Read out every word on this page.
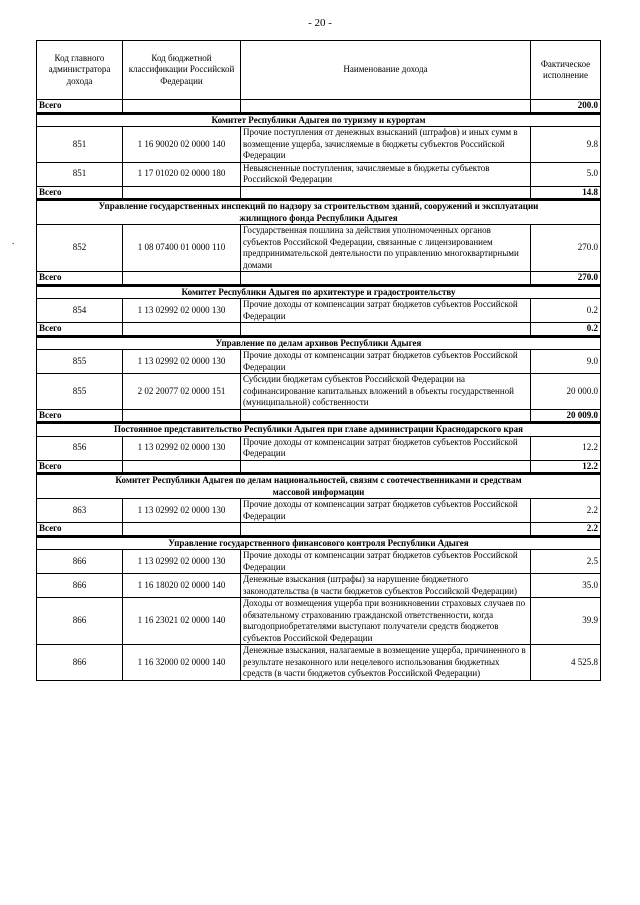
- 20 -
.
Код главного администратора дохода	Код бюджетной классификации Российской Федерации	Наименование дохода	Фактическое исполнение
Всего			200.0
Комитет Республики Адыгея по туризму и курортам			
851	1 16 90020 02 0000 140	Прочие поступления от денежных взысканий (штрафов) и иных сумм в возмещение ущерба, зачисляемые в бюджеты субъектов Российской Федерации	9.8
851	1 17 01020 02 0000 180	Невыясненные поступления, зачисляемые в бюджеты субъектов Российской Федерации	5.0
Всего			14.8
Управление государственных инспекций по надзору за строительством зданий, сооружений и эксплуатации жилищного фонда Республики Адыгея			
852	1 08 07400 01 0000 110	Государственная пошлина за действия уполномоченных органов субъектов Российской Федерации, связанные с лицензированием предпринимательской деятельности по управлению многоквартирными домами	270.0
Всего			270.0
Комитет Республики Адыгея по архитектуре и градостроительству			
854	1 13 02992 02 0000 130	Прочие доходы от компенсации затрат бюджетов субъектов Российской Федерации	0.2
Всего			0.2
Управление по делам архивов Республики Адыгея			
855	1 13 02992 02 0000 130	Прочие доходы от компенсации затрат бюджетов субъектов Российской Федерации	9.0
855	2 02 20077 02 0000 151	Субсидии бюджетам субъектов Российской Федерации на софинансирование капитальных вложений в объекты государственной (муниципальной) собственности	20 000.0
Всего			20 009.0
Постоянное представительство Республики Адыгея при главе администрации Краснодарского края			
856	1 13 02992 02 0000 130	Прочие доходы от компенсации затрат бюджетов субъектов Российской Федерации	12.2
Всего			12.2
Комитет Республики Адыгея по делам национальностей, связям с соотечественниками и средствам массовой информации			
863	1 13 02992 02 0000 130	Прочие доходы от компенсации затрат бюджетов субъектов Российской Федерации	2.2
Всего			2.2
Управление государственного финансового контроля Республики Адыгея			
866	1 13 02992 02 0000 130	Прочие доходы от компенсации затрат бюджетов субъектов Российской Федерации	2.5
866	1 16 18020 02 0000 140	Денежные взыскания (штрафы) за нарушение бюджетного законодательства (в части бюджетов субъектов Российской Федерации)	35.0
866	1 16 23021 02 0000 140	Доходы от возмещения ущерба при возникновении страховых случаев по обязательному страхованию гражданской ответственности, когда выгодоприобретателями выступают получатели средств бюджетов субъектов Российской Федерации	39.9
866	1 16 32000 02 0000 140	Денежные взыскания, налагаемые в возмещение ущерба, причиненного в результате незаконного или нецелевого использования бюджетных средств (в части бюджетов субъектов Российской Федерации)	4 525.8
